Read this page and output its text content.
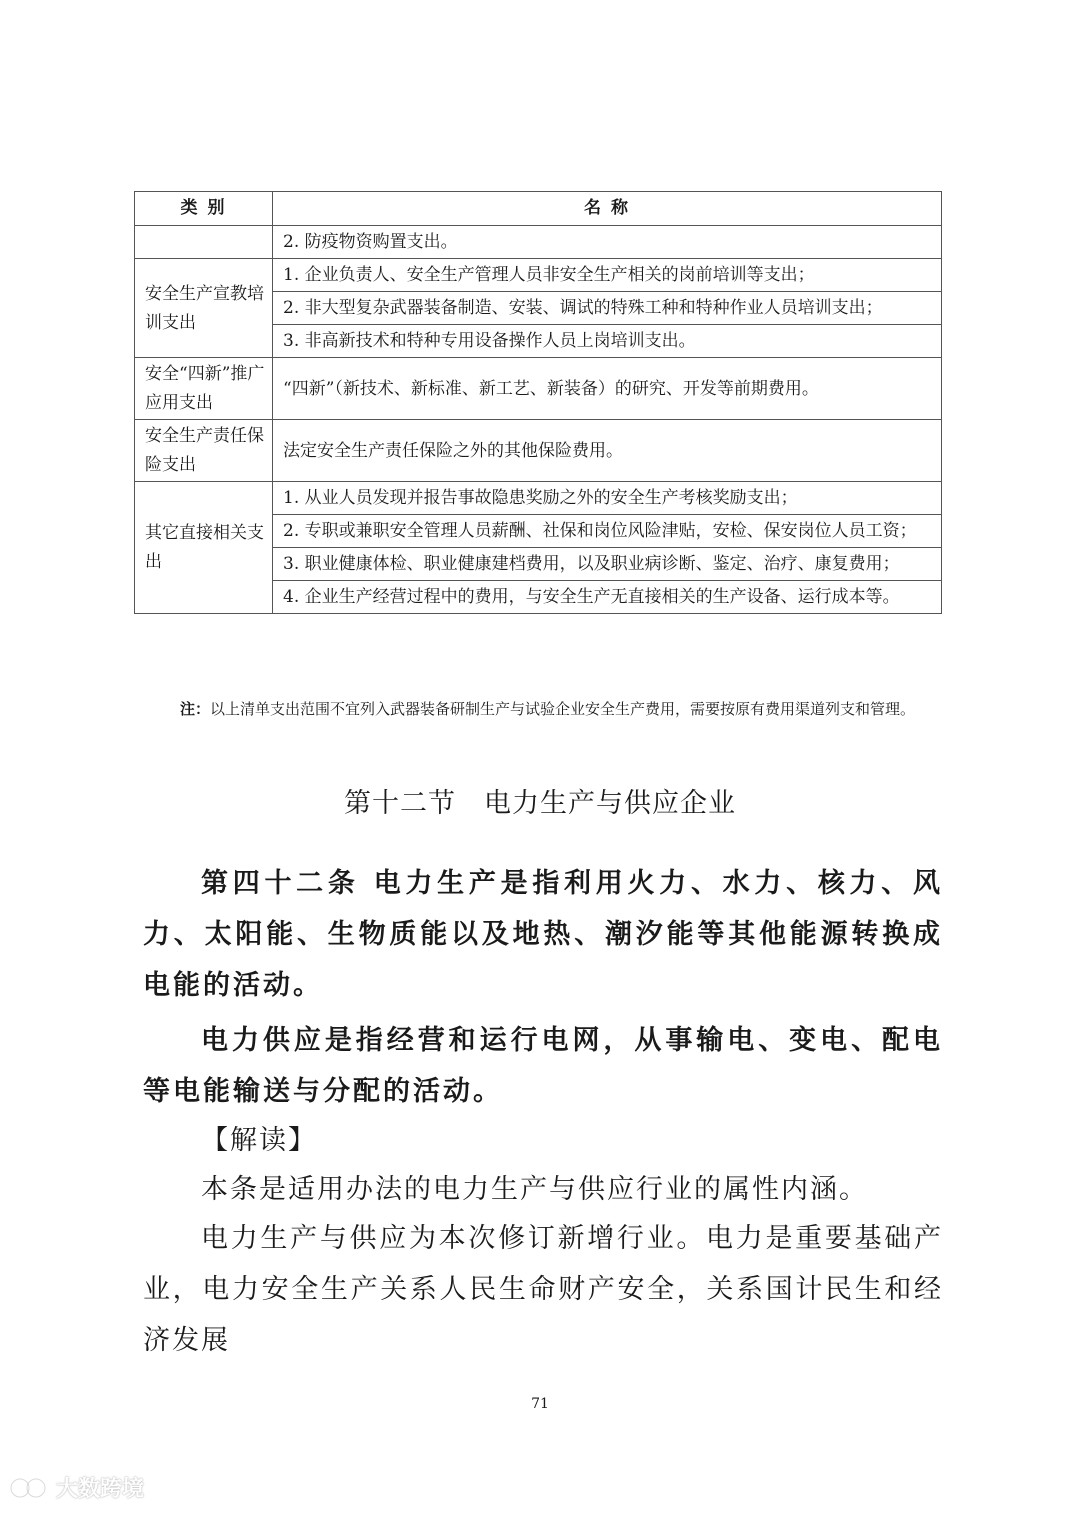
类 别	名 称
	2. 防疫物资购置支出。
安全生产宣教培训支出	1. 企业负责人、安全生产管理人员非安全生产相关的岗前培训等支出；
	2. 非大型复杂武器装备制造、安装、调试的特殊工种和特种作业人员培训支出；
	3. 非高新技术和特种专用设备操作人员上岗培训支出。
安全“四新”推广应用支出	“四新”（新技术、新标准、新工艺、新装备）的研究、开发等前期费用。
安全生产责任保险支出	法定安全生产责任保险之外的其他保险费用。
其它直接相关支出	1. 从业人员发现并报告事故隐患奖励之外的安全生产考核奖励支出；
	2. 专职或兼职安全管理人员薪酬、社保和岗位风险津贴，安检、保安岗位人员工资；
	3. 职业健康体检、职业健康建档费用，以及职业病诊断、鉴定、治疗、康复费用；
	4. 企业生产经营过程中的费用，与安全生产无直接相关的生产设备、运行成本等。
注：以上清单支出范围不宜列入武器装备研制生产与试验企业安全生产费用，需要按原有费用渠道列支和管理。
第十二节　电力生产与供应企业

第四十二条 电力生产是指利用火力、水力、核力、风力、太阳能、生物质能以及地热、潮汐能等其他能源转换成电能的活动。

电力供应是指经营和运行电网，从事输电、变电、配电等电能输送与分配的活动。

【解读】

本条是适用办法的电力生产与供应行业的属性内涵。

电力生产与供应为本次修订新增行业。电力是重要基础产业，电力安全生产关系人民生命财产安全，关系国计民生和经济发展

71
大数跨境
